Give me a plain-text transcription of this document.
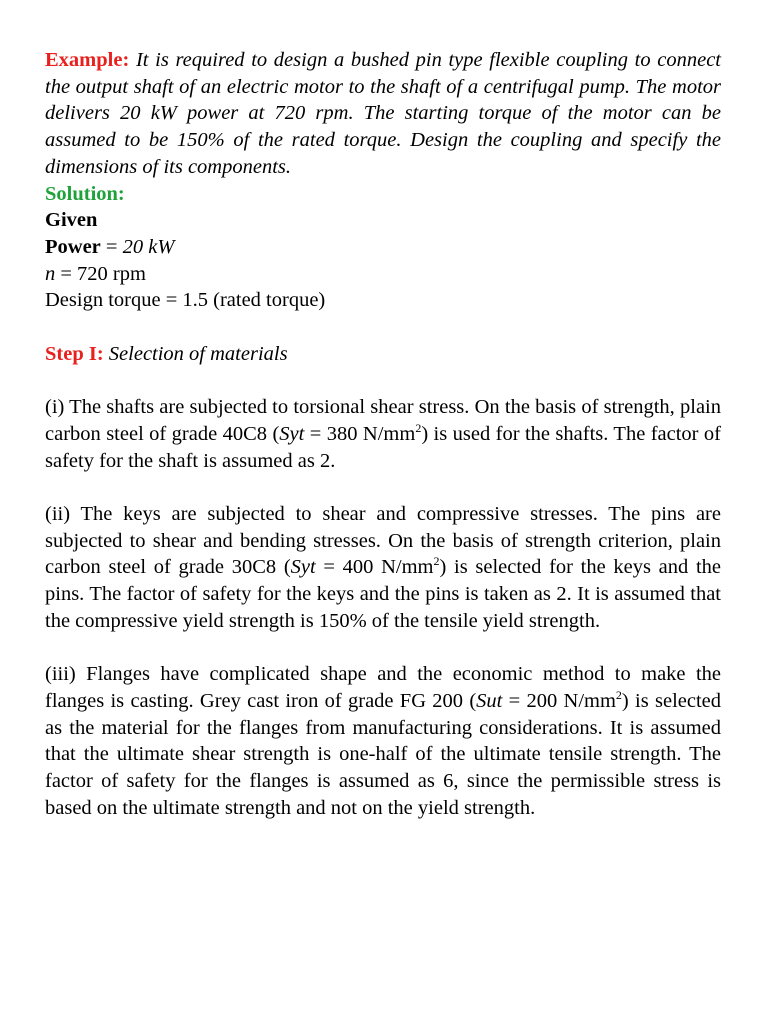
Example: It is required to design a bushed pin type flexible coupling to connect the output shaft of an electric motor to the shaft of a centrifugal pump. The motor delivers 20 kW power at 720 rpm. The starting torque of the motor can be assumed to be 150% of the rated torque. Design the coupling and specify the dimensions of its components.

Solution:

Given

Power = 20 kW

n = 720 rpm

Design torque = 1.5 (rated torque)

Step I: Selection of materials

(i) The shafts are subjected to torsional shear stress. On the basis of strength, plain carbon steel of grade 40C8 (Syt = 380 $N/mm^2$) is used for the shafts. The factor of safety for the shaft is assumed as 2.

(ii) The keys are subjected to shear and compressive stresses. The pins are subjected to shear and bending stresses. On the basis of strength criterion, plain carbon steel of grade 30C8 (Syt = 400 $N/mm^2$) is selected for the keys and the pins. The factor of safety for the keys and the pins is taken as 2. It is assumed that the compressive yield strength is 150% of the tensile yield strength.

(iii) Flanges have complicated shape and the economic method to make the flanges is casting. Grey cast iron of grade FG 200 (Sut = 200 $N/mm^2$) is selected as the material for the flanges from manufacturing considerations. It is assumed that the ultimate shear strength is one-half of the ultimate tensile strength. The factor of safety for the flanges is assumed as 6, since the permissible stress is based on the ultimate strength and not on the yield strength.
